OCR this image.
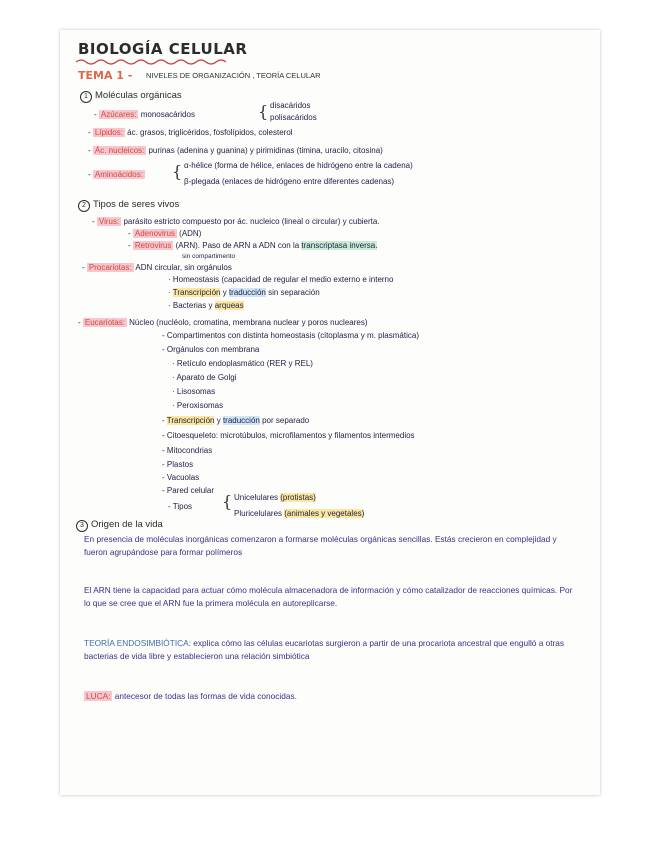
BIOLOGÍA CELULAR
TEMA 1 - NIVELES DE ORGANIZACIÓN , TEORÍA CELULAR
1 Moléculas orgánicas
- Azúcares: monosacáridos	{ disacáridos
polisacáridos
- Lípidos: ác. grasos, triglicéridos, fosfolípidos, colesterol
- Ác. nucleicos: purinas (adenina y guanina) y pirimidinas (timina, uracilo, citosina)
- Aminoácidos: { α-hélice (forma de hélice, enlaces de hidrógeno entre la cadena)
β-plegada (enlaces de hidrógeno entre diferentes cadenas)
2 Tipos de seres vivos
- Virus: parásito estricto compuesto por ác. nucleico (lineal o circular) y cubierta.
- Adenovirus (ADN)
- Retrovirus (ARN). Paso de ARN a ADN con la transcriptasa inversa.
sin compartimento
- Procariotas: ADN circular, sin orgánulos
· Homeostasis (capacidad de regular el medio externo e interno
· Transcripción y traducción sin separación
· Bacterias y arqueas
- Eucariotas: Núcleo (nucléolo, cromatina, membrana nuclear y poros nucleares)
- Compartimentos con distinta homeostasis (citoplasma y m. plasmática)
- Orgánulos con membrana
· Retículo endoplasmático (RER y REL)
· Aparato de Golgi
· Lisosomas
· Peroxisomas
- Transcripción y traducción por separado
- Citoesqueleto: microtúbulos, microfilamentos y filamentos intermedios
- Mitocondrias
- Plastos
- Vacuolas
- Pared celular
- Tipos { Unicelulares (protistas)
Pluricelulares (animales y vegetales)
3 Origen de la vida
En presencia de moléculas inorgánicas comenzaron a formarse moléculas orgánicas sencillas. Estás crecieron en complejidad y fueron agrupándose para formar polímeros
El ARN tiene la capacidad para actuar cómo molécula almacenadora de información y cómo catalizador de reacciones químicas. Por lo que se cree que el ARN fue la primera molécula en autoreplicarse.
TEORÍA ENDOSIMBIÓTICA: explica cómo las células eucariotas surgieron a partir de una procariota ancestral que engulló a otras bacterias de vida libre y establecieron una relación simbiótica
LUCA: antecesor de todas las formas de vida conocidas.
